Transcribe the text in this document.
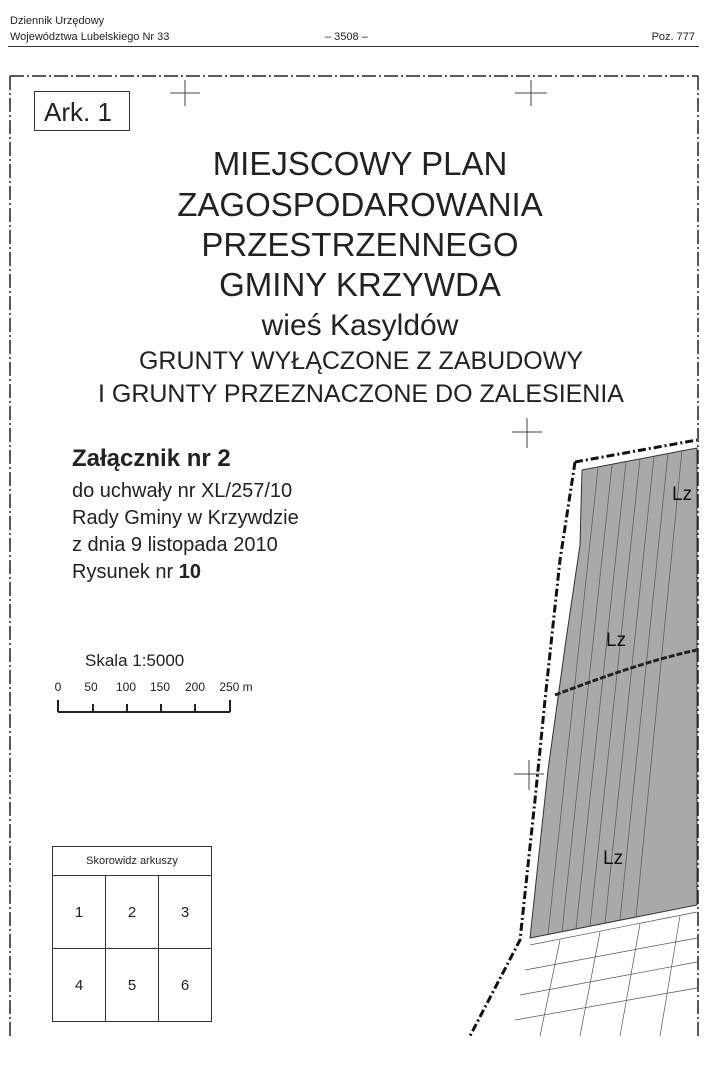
Dziennik Urzędowy
Województwa Lubelskiego Nr 33	– 3508 –	Poz. 777
Ark. 1
MIEJSCOWY PLAN
ZAGOSPODAROWANIA
PRZESTRZENNEGO
GMINY KRZYWDA
wieś Kasyldów
GRUNTY WYŁĄCZONE Z ZABUDOWY
I GRUNTY PRZEZNACZONE DO ZALESIENIA
Załącznik nr 2
do uchwały nr XL/257/10
Rady Gminy w Krzywdzie
z dnia 9 listopada 2010
Rysunek nr 10
Skala 1:5000
0 50 100 150 200 250 m
Skorowidz arkuszy		
1	2	3
4	5	6
Lz
Lz
Lz
